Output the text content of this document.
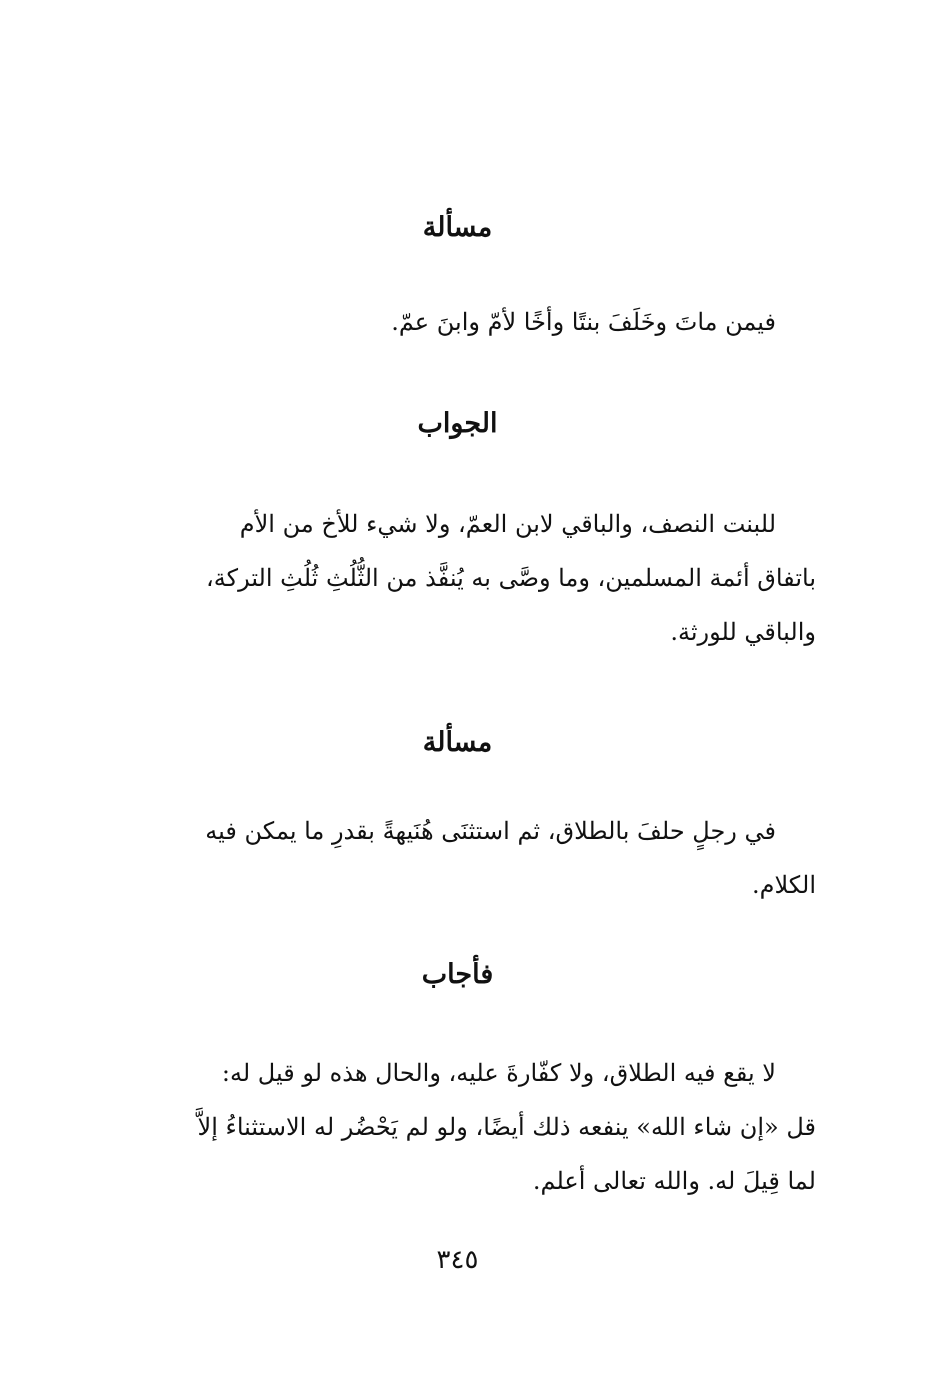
مسألة

فيمن ماتَ وخَلَفَ بنتًا وأخًا لأمّ وابنَ عمّ.

الجواب

للبنت النصف، والباقي لابن العمّ، ولا شيء للأخ من الأم
باتفاق أئمة المسلمين، وما وصَّى به يُنفَّذ من الثُّلُثِ ثُلُثِ التركة،
والباقي للورثة.

مسألة

في رجلٍ حلفَ بالطلاق، ثم استثنَى هُنَيهةً بقدرِ ما يمكن فيه
الكلام.

فأجاب

لا يقع فيه الطلاق، ولا كفّارةَ عليه، والحال هذه لو قيل له:
قل «إن شاء الله» ينفعه ذلك أيضًا، ولو لم يَحْضُر له الاستثناءُ إلاَّ
لما قِيلَ له. والله تعالى أعلم.

٣٤٥
